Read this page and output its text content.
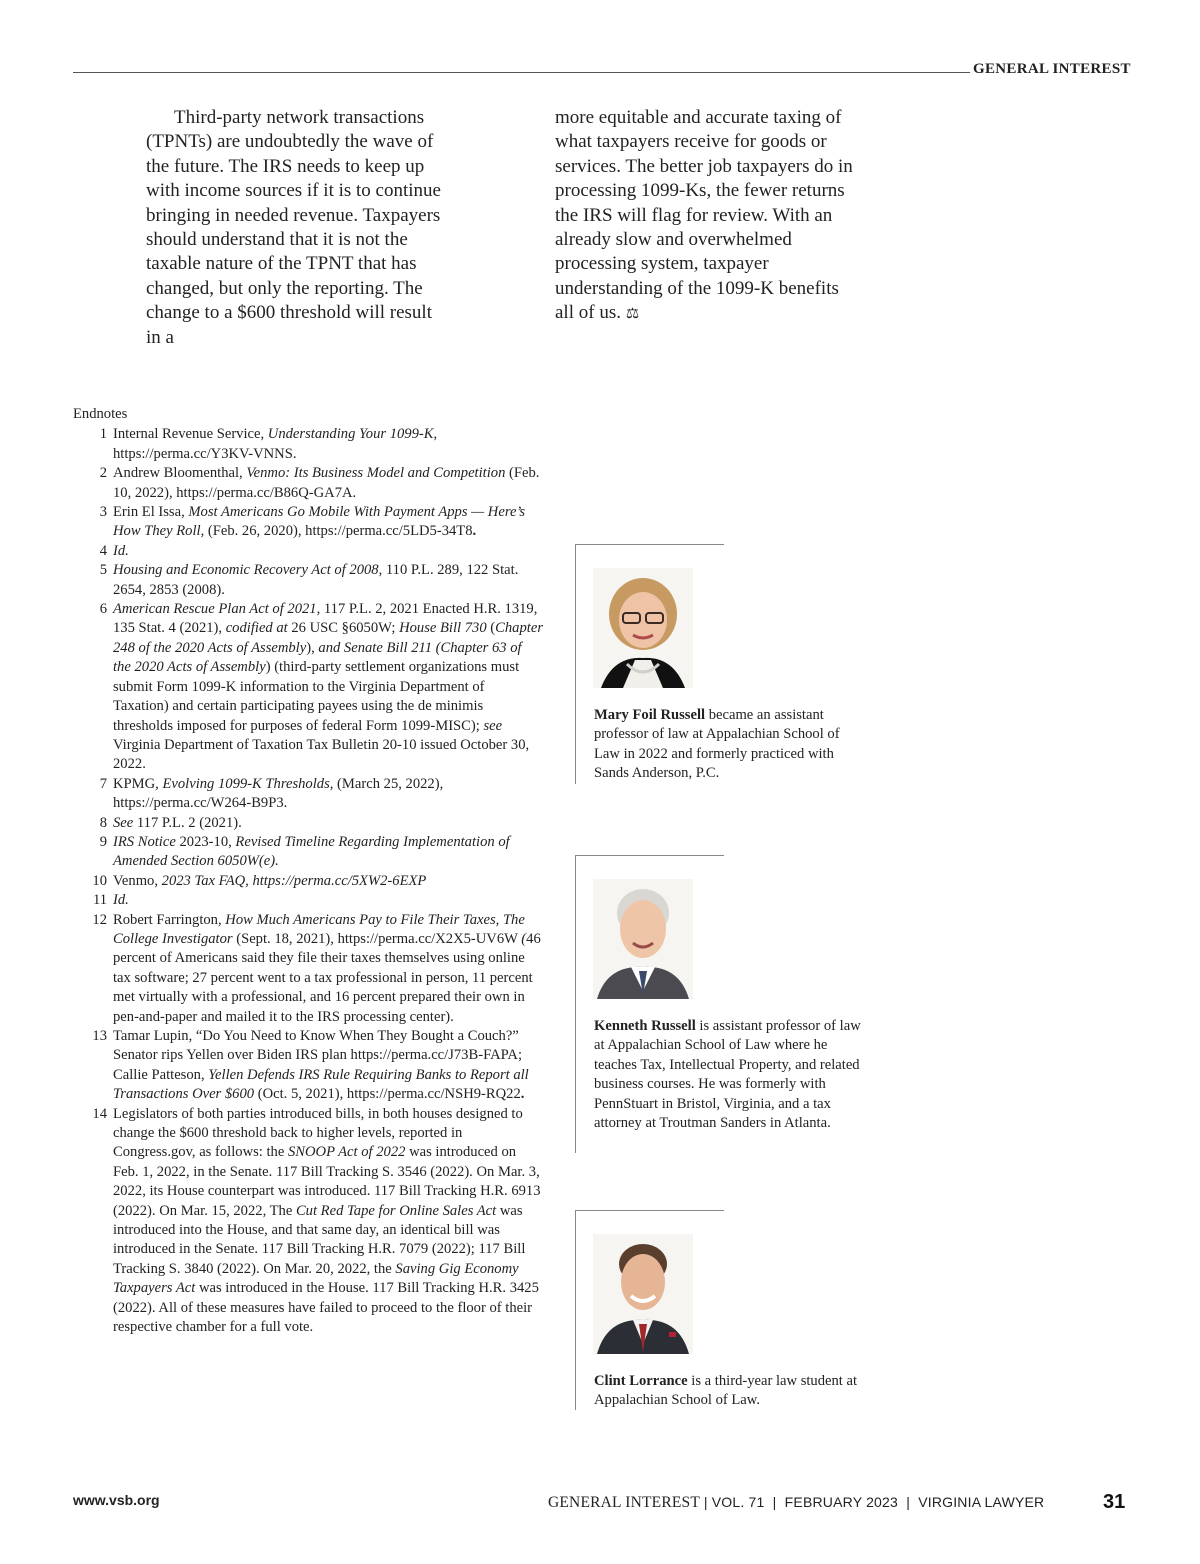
GENERAL INTEREST

Third-party network transactions (TPNTs) are undoubtedly the wave of the future. The IRS needs to keep up with income sources if it is to continue bringing in needed revenue. Taxpayers should understand that it is not the taxable nature of the TPNT that has changed, but only the reporting. The change to a $600 threshold will result in a

more equitable and accurate taxing of what taxpayers receive for goods or services. The better job taxpayers do in processing 1099-Ks, the fewer returns the IRS will flag for review. With an already slow and overwhelmed processing system, taxpayer understanding of the 1099-K benefits all of us. ⚖

Endnotes
1 Internal Revenue Service, Understanding Your 1099-K, https://perma.cc/Y3KV-VNNS.
2 Andrew Bloomenthal, Venmo: Its Business Model and Competition (Feb. 10, 2022), https://perma.cc/B86Q-GA7A.
3 Erin El Issa, Most Americans Go Mobile With Payment Apps — Here’s How They Roll, (Feb. 26, 2020), https://perma.cc/5LD5-34T8.
4 Id.
5 Housing and Economic Recovery Act of 2008, 110 P.L. 289, 122 Stat. 2654, 2853 (2008).
6 American Rescue Plan Act of 2021, 117 P.L. 2, 2021 Enacted H.R. 1319, 135 Stat. 4 (2021), codified at 26 USC §6050W; House Bill 730 (Chapter 248 of the 2020 Acts of Assembly), and Senate Bill 211 (Chapter 63 of the 2020 Acts of Assembly) (third-party settlement organizations must submit Form 1099-K information to the Virginia Department of Taxation) and certain participating payees using the de minimis thresholds imposed for purposes of federal Form 1099-MISC); see Virginia Department of Taxation Tax Bulletin 20-10 issued October 30, 2022.
7 KPMG, Evolving 1099-K Thresholds, (March 25, 2022), https://perma.cc/W264-B9P3.
8 See 117 P.L. 2 (2021).
9 IRS Notice 2023-10, Revised Timeline Regarding Implementation of Amended Section 6050W(e).
10 Venmo, 2023 Tax FAQ, https://perma.cc/5XW2-6EXP
11 Id.
12 Robert Farrington, How Much Americans Pay to File Their Taxes, The College Investigator (Sept. 18, 2021), https://perma.cc/X2X5-UV6W (46 percent of Americans said they file their taxes themselves using online tax software; 27 percent went to a tax professional in person, 11 percent met virtually with a professional, and 16 percent prepared their own in pen-and-paper and mailed it to the IRS processing center).
13 Tamar Lupin, “Do You Need to Know When They Bought a Couch?” Senator rips Yellen over Biden IRS plan https://perma.cc/J73B-FAPA; Callie Patteson, Yellen Defends IRS Rule Requiring Banks to Report all Transactions Over $600 (Oct. 5, 2021), https://perma.cc/NSH9-RQ22.
14 Legislators of both parties introduced bills, in both houses designed to change the $600 threshold back to higher levels, reported in Congress.gov, as follows: the SNOOP Act of 2022 was introduced on Feb. 1, 2022, in the Senate. 117 Bill Tracking S. 3546 (2022). On Mar. 3, 2022, its House counterpart was introduced. 117 Bill Tracking H.R. 6913 (2022). On Mar. 15, 2022, The Cut Red Tape for Online Sales Act was introduced into the House, and that same day, an identical bill was introduced in the Senate. 117 Bill Tracking H.R. 7079 (2022); 117 Bill Tracking S. 3840 (2022). On Mar. 20, 2022, the Saving Gig Economy Taxpayers Act was introduced in the House. 117 Bill Tracking H.R. 3425 (2022). All of these measures have failed to proceed to the floor of their respective chamber for a full vote.
Mary Foil Russell became an assistant professor of law at Appalachian School of Law in 2022 and formerly practiced with Sands Anderson, P.C.
Kenneth Russell is assistant professor of law at Appalachian School of Law where he teaches Tax, Intellectual Property, and related business courses. He was formerly with PennStuart in Bristol, Virginia, and a tax attorney at Troutman Sanders in Atlanta.
Clint Lorrance is a third-year law student at Appalachian School of Law.
www.vsb.org	GENERAL INTEREST | VOL. 71 | FEBRUARY 2023 | VIRGINIA LAWYER	31
